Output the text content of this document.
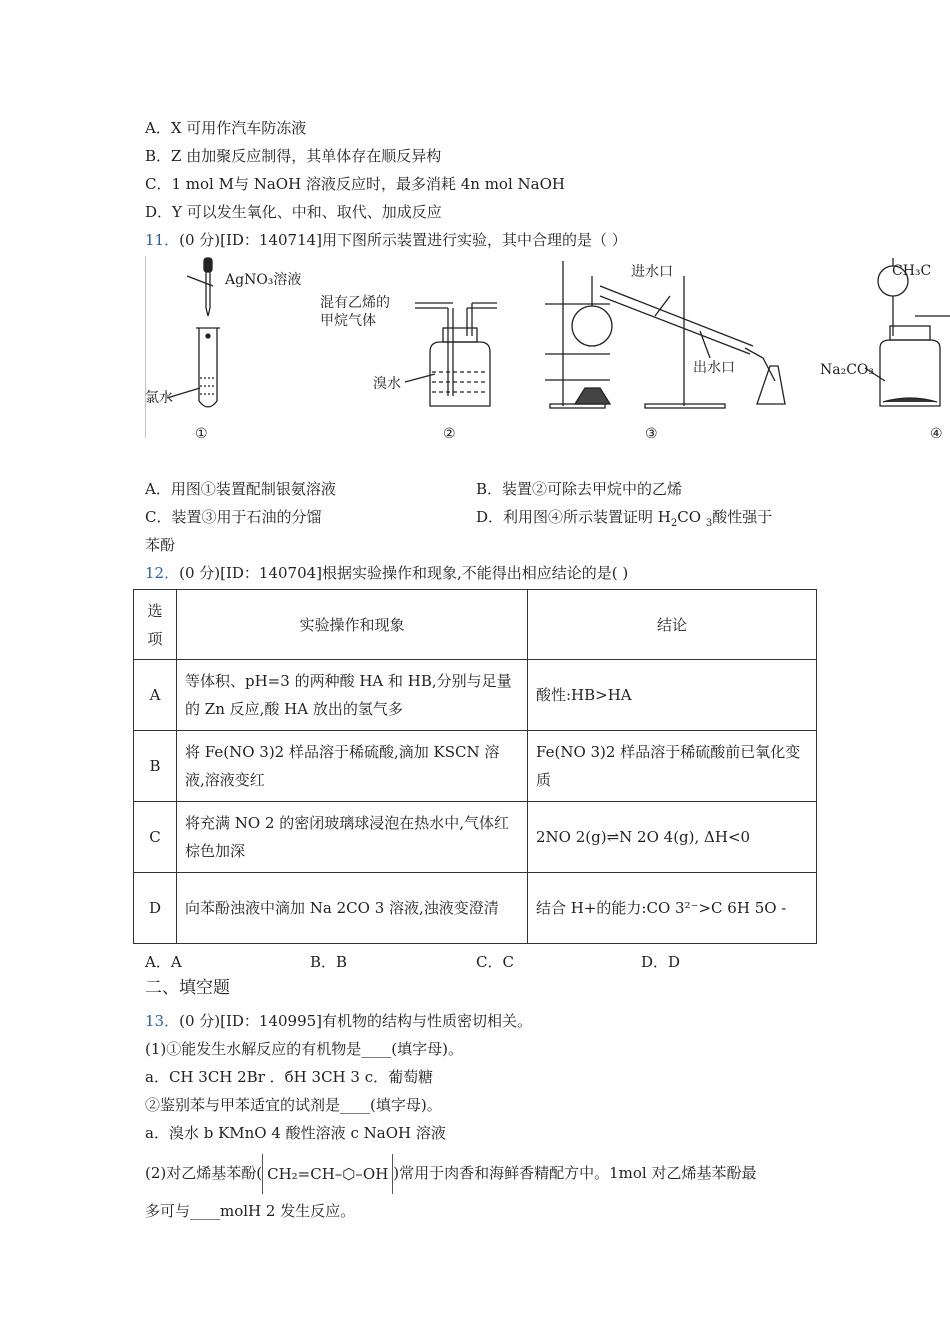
A．X 可用作汽车防冻液
B．Z 由加聚反应制得，其单体存在顺反异构
C．1 mol M与 NaOH 溶液反应时，最多消耗 4n mol NaOH
D．Y 可以发生氧化、中和、取代、加成反应
11．(0 分)[ID：140714]用下图所示装置进行实验，其中合理的是（ ）
AgNO₃溶液
氯水
①
混有乙烯的
甲烷气体
溴水
②
进水口
出水口
③
CH₃C
Na₂CO₃
④
A．用图①装置配制银氨溶液	B．装置②可除去甲烷中的乙烯
C．装置③用于石油的分馏	D．利用图④所示装置证明 $H_2CO$ $_3$酸性强于
苯酚
12．(0 分)[ID：140704]根据实验操作和现象,不能得出相应结论的是( )
选
项	实验操作和现象	结论
A	等体积、pH=3 的两种酸 HA 和 HB,分别与足量的 Zn 反应,酸 HA 放出的氢气多	酸性:HB>HA
B	将 Fe(NO 3)2 样品溶于稀硫酸,滴加 KSCN 溶液,溶液变红	Fe(NO 3)2 样品溶于稀硫酸前已氧化变质
C	将充满 NO 2 的密闭玻璃球浸泡在热水中,气体红棕色加深	2NO 2(g)⇌N 2O 4(g), ΔH<0
D	向苯酚浊液中滴加 Na 2CO 3 溶液,浊液变澄清	结合 H+的能力:CO 3²⁻>C 6H 5O -
A．A	B．B	C．C	D．D
二、填空题
13．(0 分)[ID：140995]有机物的结构与性质密切相关。
(1)①能发生水解反应的有机物是____(填字母)。
a．CH 3CH 2Br ．бH 3CH 3 c．葡萄糖
②鉴别苯与甲苯适宜的试剂是____(填字母)。
a．溴水 b KMnO 4 酸性溶液 c NaOH 溶液
(2)对乙烯基苯酚( CH₂=CH–⬡–OH )常用于肉香和海鲜香精配方中。1mol 对乙烯基苯酚最
多可与____molH 2 发生反应。
